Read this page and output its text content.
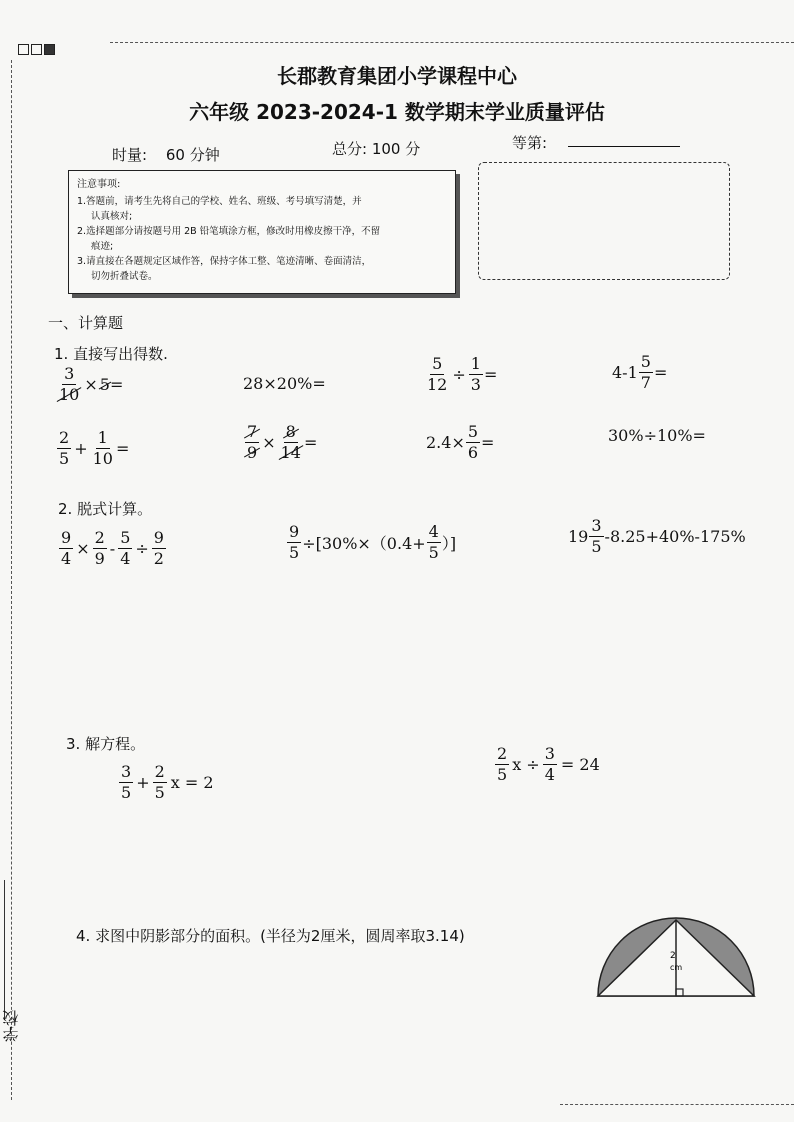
学校
长郡教育集团小学课程中心
六年级 2023-2024-1 数学期末学业质量评估
时量: 60 分钟	总分: 100 分	等第:
注意事项:

1.答题前，请考生先将自己的学校、姓名、班级、考号填写清楚，并

认真核对;

2.选择题部分请按题号用 2B 铅笔填涂方框，修改时用橡皮擦干净，不留

痕迹;

3.请直接在各题规定区域作答，保持字体工整、笔迹清晰、卷面清洁，

切勿折叠试卷。

一、计算题
1. 直接写出得数.
$\frac{3}{10} \times 5$ =	28×20%=	$\frac{5}{12} \div \frac{1}{3}$ =	$4-1 \frac{5}{7}$ =
$\frac{2}{5} + \frac{1}{10}$ =	$\frac{7}{9} \times \frac{8}{14}$ =	$2.4\times \frac{5}{6}$ =	30%÷10%=
2. 脱式计算。
$\frac{9}{4} \times \frac{2}{9} - \frac{5}{4} \div \frac{9}{2}$	$\frac{9}{5} \div[30\%\times(0.4+ \frac{4}{5}$ ）]	$19 \frac{3}{5} -8.25+40\%-175\%$
3. 解方程。
$\frac{3}{5} + \frac{2}{5}$ x = 2	$\frac{2}{5}$ $x \div \frac{3}{4} = 24$
4. 求图中阴影部分的面积。(半径为2厘米，圆周率取3.14)
2
cm
